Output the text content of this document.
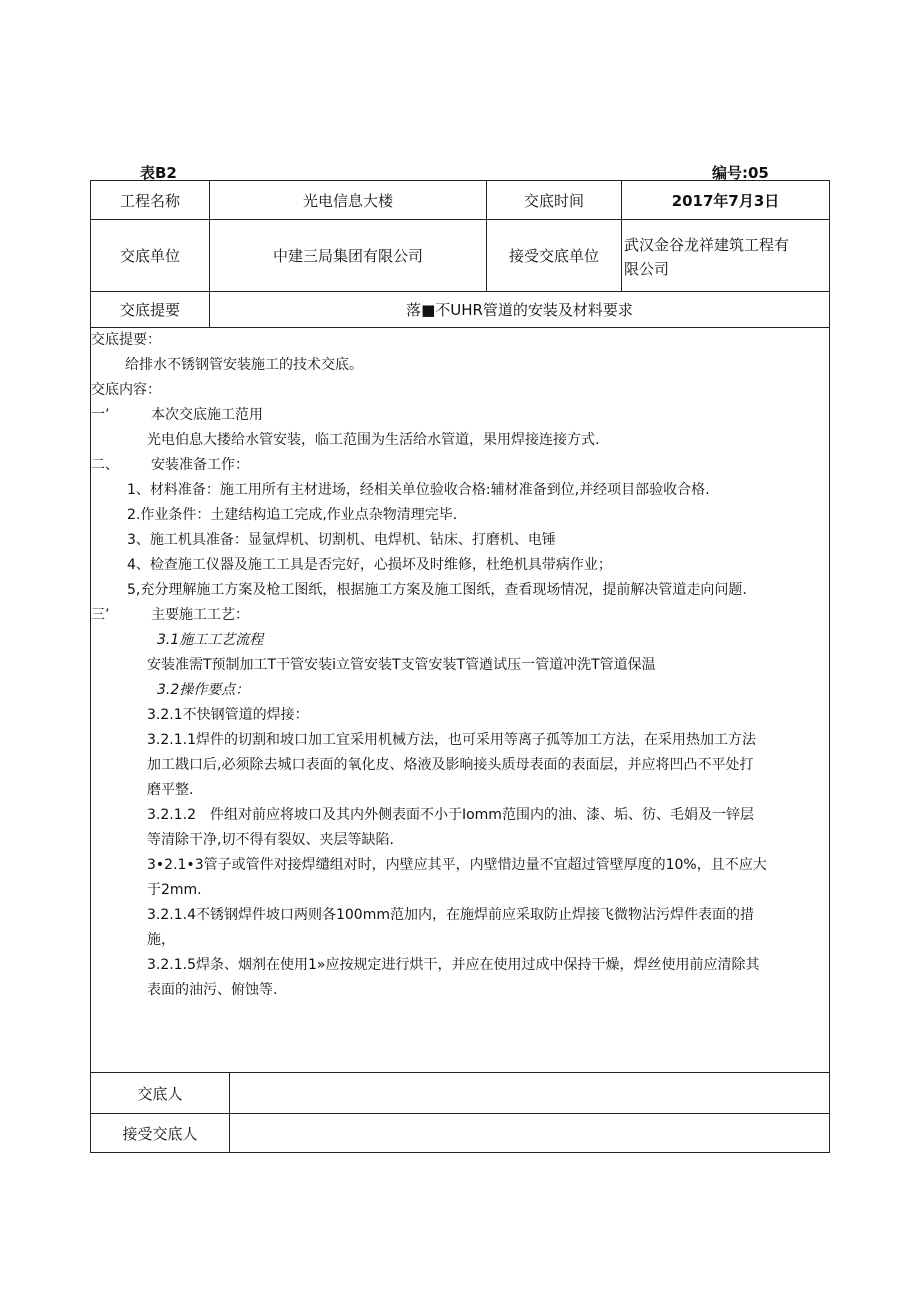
表B2	编号:05
工程名称	光电信息大楼	交底时间	2017年7月3日
交底单位	中建三局集团有限公司	接受交底单位
武汉金谷龙祥建筑工程有
限公司
交底提要	落■不UHR管道的安装及材料要求
交底提要：
给排水不锈钢管安装施工的技术交底。
交底内容：
一’	本次交底施工范用
光电伯息大搂给水管安装，临工范围为生活给水管道，果用焊接连接方式.
二、 安装准备工作：
1、材料准备：施工用所有主材进场，经相关单位验收合格:辅材准备到位,并经项目部验收合格.
2.作业条件：土建结构追工完成,作业点杂物清理完毕.
3、施工机具准备：显氩焊机、切割机、电焊机、钻床、打磨机、电锤
4、检查施工仪器及施工工具是否完好，心损坏及时维修，杜绝机具带病作业；
5,充分理解施工方案及枪工图纸，根据施工方案及施工图纸，查看现场情况，提前解决管道走向问题.
三’	主要施工工艺：
3.1施工工艺流程
安装准需T预制加工T干管安装i立管安装T支管安装T管遒试压一管道冲洗T管道保温
3.2操作要点：
3.2.1不快钢管道的焊接：
3.2.1.1焊件的切割和坡口加工宜采用机械方法，也可采用等离子孤等加工方法，在采用热加工方法
加工戡口后,必须除去城口表面的氧化皮、烙液及影晌接头质母表面的表面层，并应将凹凸不平处打
磨平整.
3.2.1.2　件组对前应将坡口及其内外侧表面不小于Iomm范围内的油、漆、垢、彷、毛娟及一锌层
等清除干净,切不得有裂奴、夹层等缺陷.
3•2.1•3管子或管件对接焊缱组对时，内壁应其平，内壁惜边量不宜超过管壁厚度的10%，且不应大
于2mm.
3.2.1.4不锈钢焊件坡口两则各100mm范加内，在施焊前应采取防止焊接飞微物沾污焊件表面的措
施，
3.2.1.5焊条、烟剂在使用1»应按规定进行烘干，并应在使用过成中保持干燥，焊丝使用前应清除其
表面的油污、俯蚀等.
交底人
接受交底人
